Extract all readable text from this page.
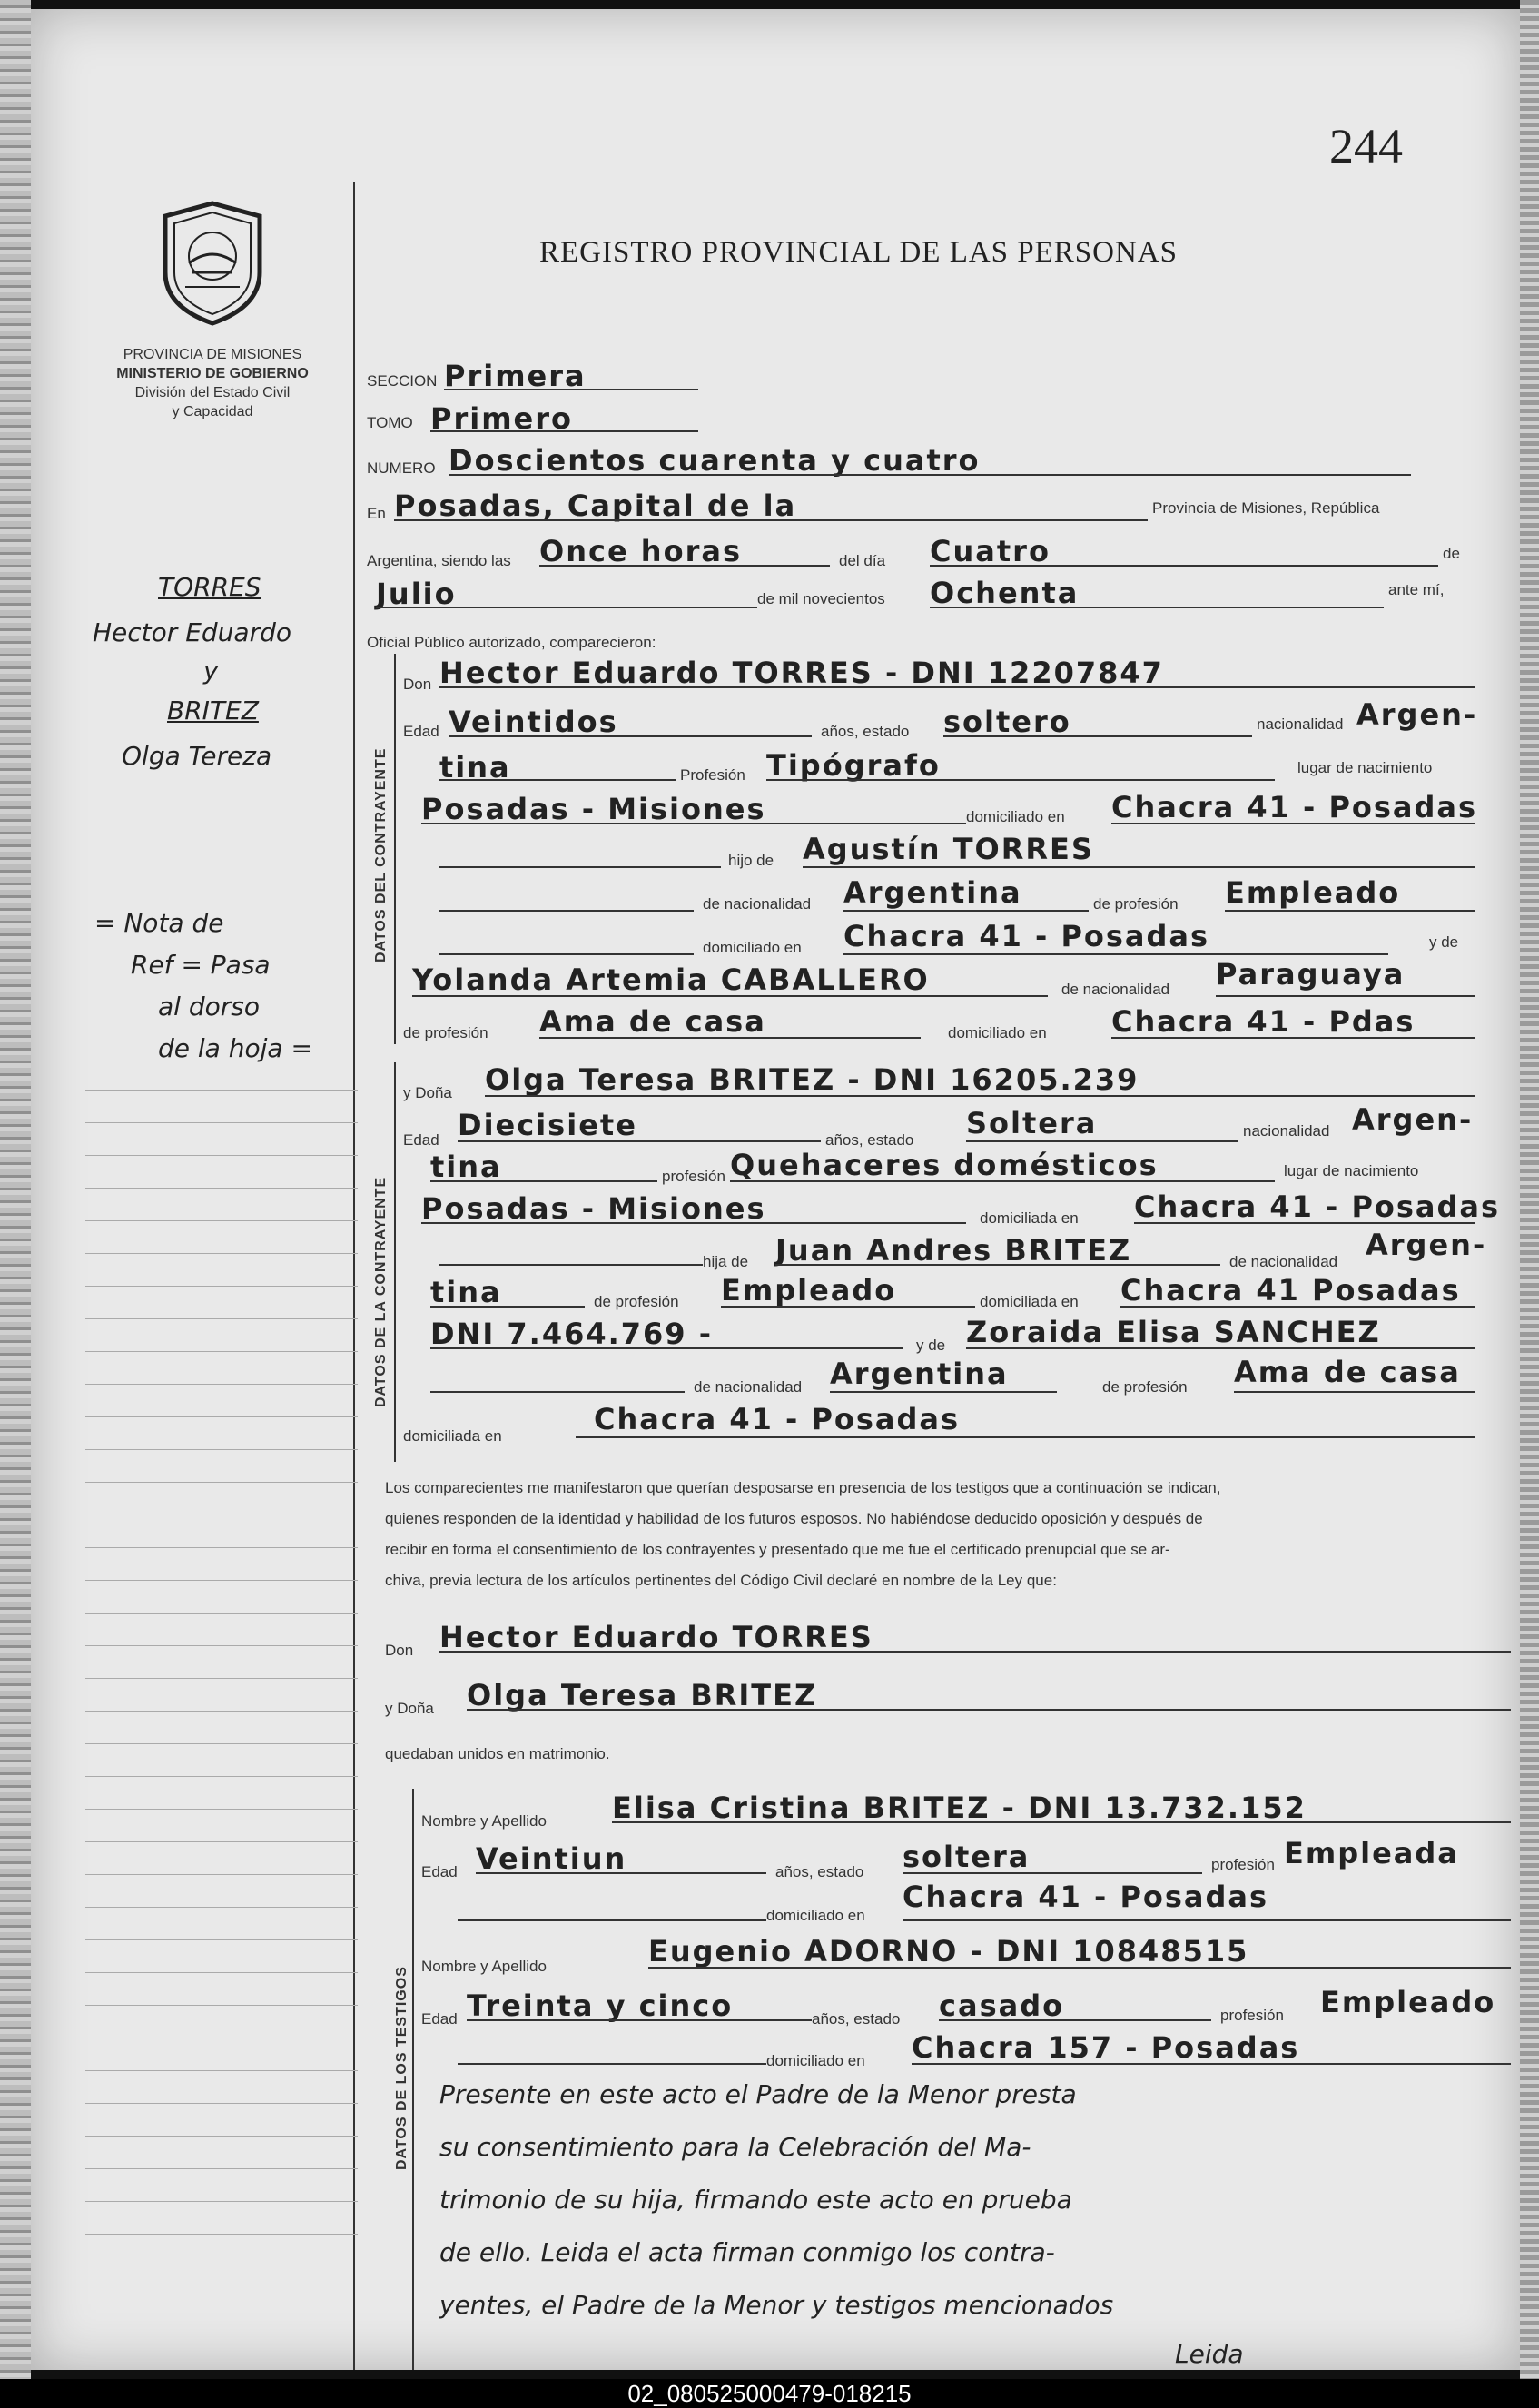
244
PROVINCIA DE MISIONES
MINISTERIO DE GOBIERNO
División del Estado Civil
y Capacidad
REGISTRO PROVINCIAL DE LAS PERSONAS
TORRES
Hector Eduardo
y
BRITEZ
Olga Tereza
= Nota de
Ref = Pasa
al dorso
de la hoja =
SECCION Primera
TOMO Primero
NUMERO Doscientos cuarenta y cuatro
En Posadas, Capital de la	Provincia de Misiones, República
Argentina, siendo las Once horas	del día Cuatro	de
Julio	de mil novecientos Ochenta	ante mí,
Oficial Público autorizado, comparecieron:
DATOS DEL CONTRAYENTE
Don Hector Eduardo TORRES - DNI 12207847
Edad Veintidos	años, estado soltero	nacionalidad Argen-
tina	Profesión Tipógrafo	lugar de nacimiento
Posadas - Misiones	domiciliado en Chacra 41 - Posadas
hijo de Agustín TORRES
de nacionalidad Argentina	de profesión Empleado
domiciliado en Chacra 41 - Posadas	y de
Yolanda Artemia CABALLERO	de nacionalidad Paraguaya
de profesión Ama de casa	domiciliado en Chacra 41 - Pdas
DATOS DE LA CONTRAYENTE
y Doña Olga Teresa BRITEZ - DNI 16205.239
Edad Diecisiete	años, estado Soltera	nacionalidad Argen-
tina	profesión Quehaceres domésticos	lugar de nacimiento
Posadas - Misiones	domiciliada en Chacra 41 - Posadas
hija de Juan Andres BRITEZ	de nacionalidad Argen-
tina	de profesión Empleado	domiciliada en Chacra 41 Posadas
DNI 7.464.769 -	y de Zoraida Elisa SANCHEZ
de nacionalidad Argentina	de profesión Ama de casa
domiciliada en	Chacra 41 - Posadas
Los comparecientes me manifestaron que querían desposarse en presencia de los testigos que a continuación se indican,
quienes responden de la identidad y habilidad de los futuros esposos. No habiéndose deducido oposición y después de
recibir en forma el consentimiento de los contrayentes y presentado que me fue el certificado prenupcial que se ar-
chiva, previa lectura de los artículos pertinentes del Código Civil declaré en nombre de la Ley que:
Don Hector Eduardo TORRES
y Doña Olga Teresa BRITEZ
quedaban unidos en matrimonio.
DATOS DE LOS TESTIGOS
Nombre y Apellido Elisa Cristina BRITEZ - DNI 13.732.152
Edad Veintiun	años, estado soltera	profesión Empleada
domiciliado en
Chacra 41 - Posadas
Nombre y Apellido	Eugenio ADORNO - DNI 10848515
Edad Treinta y cinco	años, estado casado	profesión Empleado
domiciliado en Chacra 157 - Posadas
Presente en este acto el Padre de la Menor presta
su consentimiento para la Celebración del Ma-
trimonio de su hija, firmando este acto en prueba
de ello. Leida el acta firman conmigo los contra-
yentes, el Padre de la Menor y testigos mencionados
Leida
02_080525000479-018215
